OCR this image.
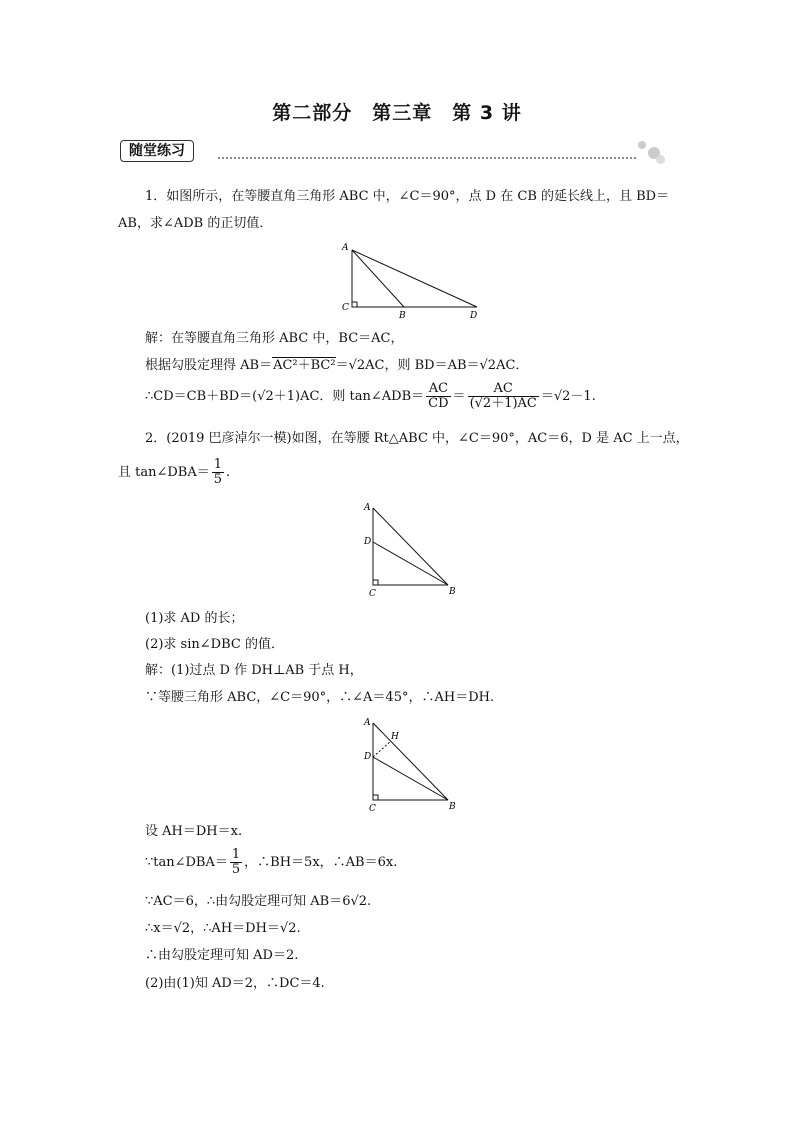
第二部分　第三章　第 3 讲
随堂练习
1．如图所示，在等腰直角三角形 ABC 中，∠C＝90°，点 D 在 CB 的延长线上，且 BD＝
AB，求∠ADB 的正切值．
A
C
B	D
解：在等腰直角三角形 ABC 中，BC＝AC，
根据勾股定理得 AB＝AC²＋BC²＝√2AC，则 BD＝AB＝√2AC．
∴CD＝CB＋BD＝(√2＋1)AC．则 tan∠ADB＝ $\frac{AC}{CD} = \frac{AC}{(√2+1)AC} =√2-1$.
2．(2019 巴彦淖尔一模)如图，在等腰 Rt△ABC 中，∠C＝90°，AC＝6，D 是 AC 上一点，
且 tan∠DBA＝ $\frac{1}{5}$ .
A
D
C	B
(1)求 AD 的长；
(2)求 sin∠DBC 的值．
解：(1)过点 D 作 DH⊥AB 于点 H，
∵等腰三角形 ABC，∠C＝90°，∴∠A＝45°，∴AH＝DH.
A
H
D
C	B
设 AH＝DH＝x.
∵tan∠DBA＝ $\frac{1}{5}$ ，∴BH＝5x，∴AB＝6x.
∵AC＝6，∴由勾股定理可知 AB＝6√2.
∴x＝√2，∴AH＝DH＝√2.
∴由勾股定理可知 AD＝2.
(2)由(1)知 AD＝2，∴DC＝4.
